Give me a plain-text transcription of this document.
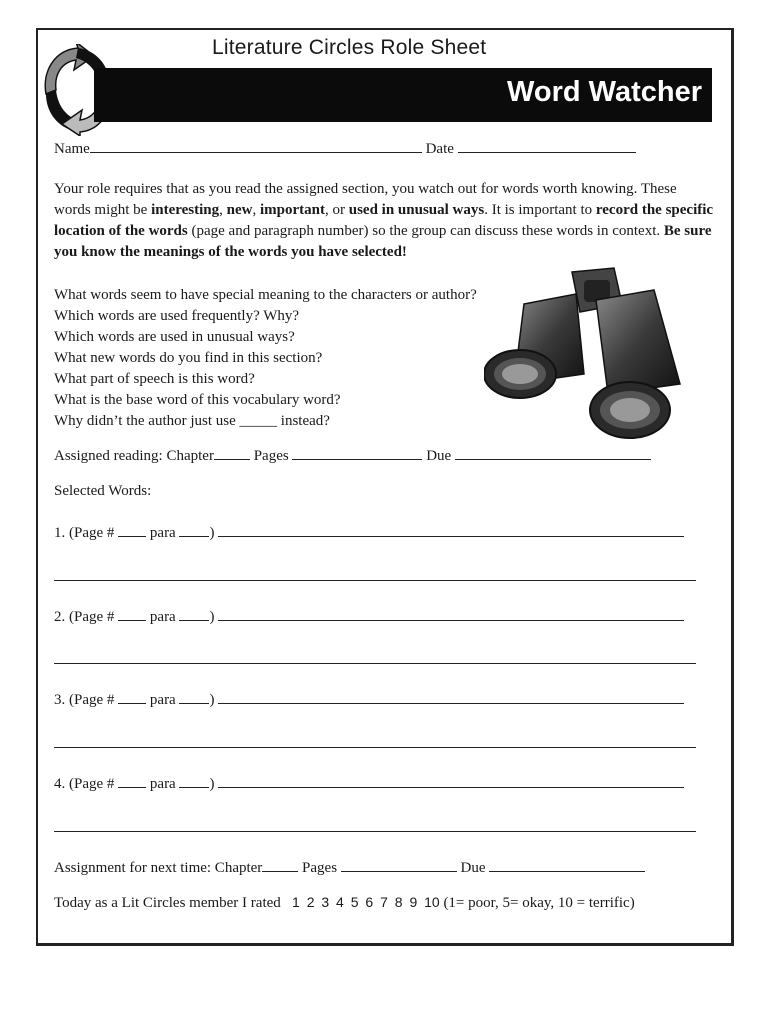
Literature Circles Role Sheet
Word Watcher
Name	Date
Your role requires that as you read the assigned section, you watch out for words worth knowing. These words might be interesting, new, important, or used in unusual ways. It is important to record the specific location of the words (page and paragraph number) so the group can discuss these words in context. Be sure you know the meanings of the words you have selected!
What words seem to have special meaning to the characters or author?
Which words are used frequently? Why?
Which words are used in unusual ways?
What new words do you find in this section?
What part of speech is this word?
What is the base word of this vocabulary word?
Why didn’t the author just use _____ instead?
Assigned reading: Chapter	Pages	Due
Selected Words:
1. (Page # para )
2. (Page # para )
3. (Page # para )
4. (Page # para )
Assignment for next time: Chapter	Pages	Due
Today as a Lit Circles member I rated 1 2 3 4 5 6 7 8 9 10 (1= poor, 5= okay, 10 = terrific)
